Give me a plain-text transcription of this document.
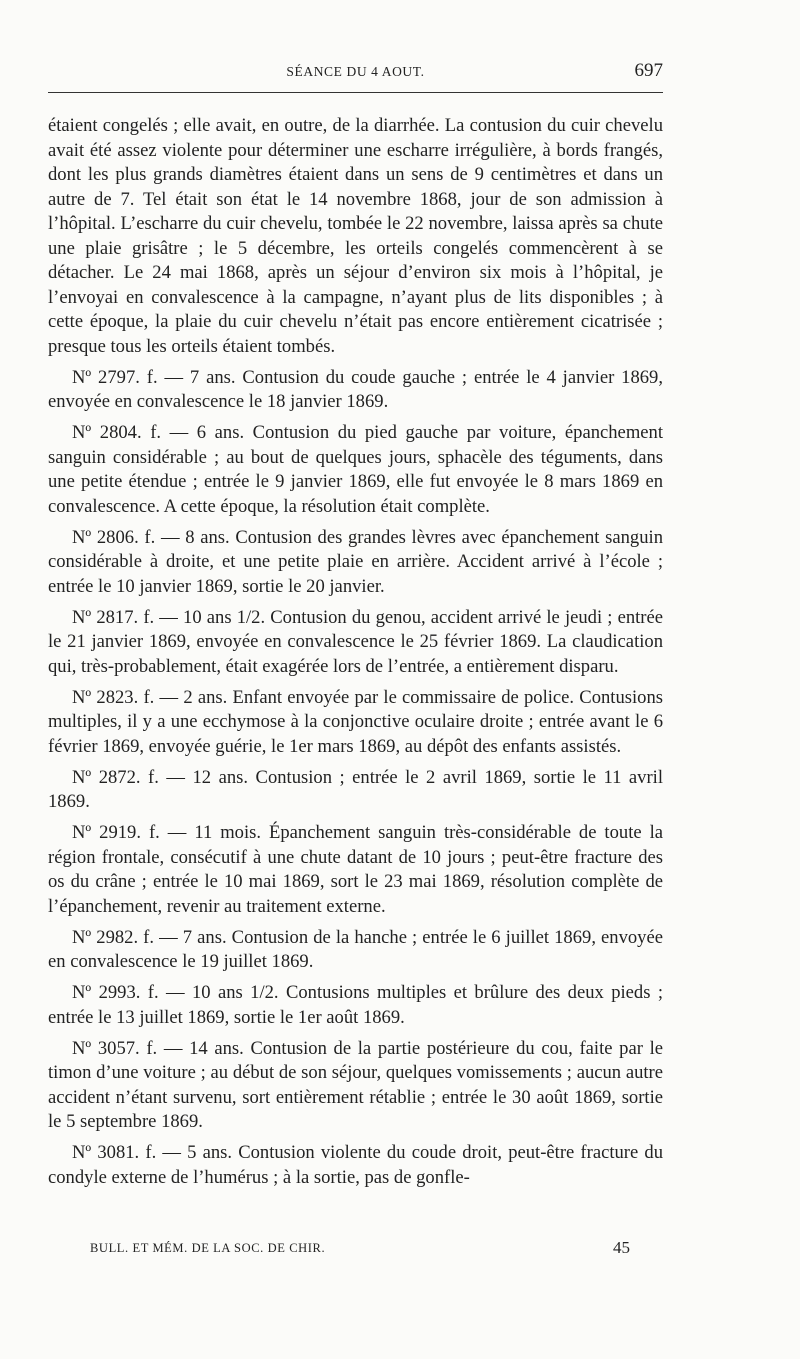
SÉANCE DU 4 AOUT.	697

étaient congelés ; elle avait, en outre, de la diarrhée. La contusion du cuir chevelu avait été assez violente pour déterminer une escharre irrégulière, à bords frangés, dont les plus grands diamètres étaient dans un sens de 9 centimètres et dans un autre de 7. Tel était son état le 14 novembre 1868, jour de son admission à l’hôpital. L’escharre du cuir chevelu, tombée le 22 novembre, laissa après sa chute une plaie grisâtre ; le 5 décembre, les orteils congelés commencèrent à se détacher. Le 24 mai 1868, après un séjour d’environ six mois à l’hôpital, je l’envoyai en convalescence à la campagne, n’ayant plus de lits disponibles ; à cette époque, la plaie du cuir chevelu n’était pas encore entièrement cicatrisée ; presque tous les orteils étaient tombés.

Nº 2797. f. — 7 ans. Contusion du coude gauche ; entrée le 4 janvier 1869, envoyée en convalescence le 18 janvier 1869.

Nº 2804. f. — 6 ans. Contusion du pied gauche par voiture, épanchement sanguin considérable ; au bout de quelques jours, sphacèle des téguments, dans une petite étendue ; entrée le 9 janvier 1869, elle fut envoyée le 8 mars 1869 en convalescence. A cette époque, la résolution était complète.

Nº 2806. f. — 8 ans. Contusion des grandes lèvres avec épanchement sanguin considérable à droite, et une petite plaie en arrière. Accident arrivé à l’école ; entrée le 10 janvier 1869, sortie le 20 janvier.

Nº 2817. f. — 10 ans 1/2. Contusion du genou, accident arrivé le jeudi ; entrée le 21 janvier 1869, envoyée en convalescence le 25 février 1869. La claudication qui, très-probablement, était exagérée lors de l’entrée, a entièrement disparu.

Nº 2823. f. — 2 ans. Enfant envoyée par le commissaire de police. Contusions multiples, il y a une ecchymose à la conjonctive oculaire droite ; entrée avant le 6 février 1869, envoyée guérie, le 1er mars 1869, au dépôt des enfants assistés.

Nº 2872. f. — 12 ans. Contusion ; entrée le 2 avril 1869, sortie le 11 avril 1869.

Nº 2919. f. — 11 mois. Épanchement sanguin très-considérable de toute la région frontale, consécutif à une chute datant de 10 jours ; peut-être fracture des os du crâne ; entrée le 10 mai 1869, sort le 23 mai 1869, résolution complète de l’épanchement, revenir au traitement externe.

Nº 2982. f. — 7 ans. Contusion de la hanche ; entrée le 6 juillet 1869, envoyée en convalescence le 19 juillet 1869.

Nº 2993. f. — 10 ans 1/2. Contusions multiples et brûlure des deux pieds ; entrée le 13 juillet 1869, sortie le 1er août 1869.

Nº 3057. f. — 14 ans. Contusion de la partie postérieure du cou, faite par le timon d’une voiture ; au début de son séjour, quelques vomissements ; aucun autre accident n’étant survenu, sort entièrement rétablie ; entrée le 30 août 1869, sortie le 5 septembre 1869.

Nº 3081. f. — 5 ans. Contusion violente du coude droit, peut-être fracture du condyle externe de l’humérus ; à la sortie, pas de gonfle-

BULL. ET MÉM. DE LA SOC. DE CHIR.	45
